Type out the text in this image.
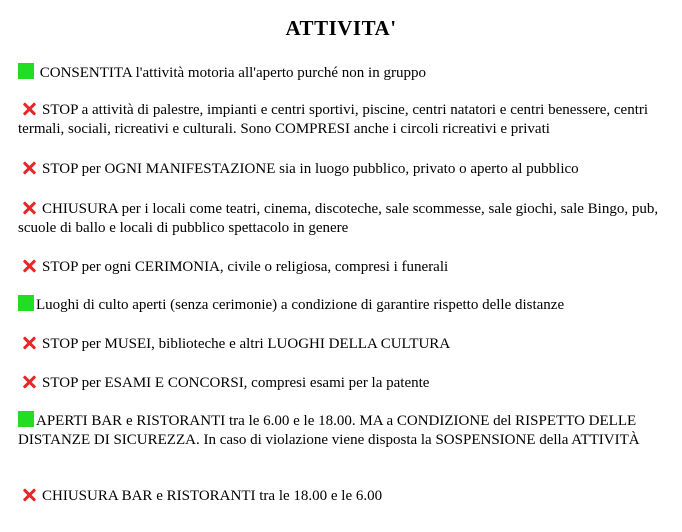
ATTIVITA'
CONSENTITA l'attività motoria all'aperto purché non in gruppo
STOP a attività di palestre, impianti e centri sportivi, piscine, centri natatori e centri benessere, centri termali, sociali, ricreativi e culturali. Sono COMPRESI anche i circoli ricreativi e privati
STOP per OGNI MANIFESTAZIONE sia in luogo pubblico, privato o aperto al pubblico
CHIUSURA per i locali come teatri, cinema, discoteche, sale scommesse, sale giochi, sale Bingo, pub, scuole di ballo e locali di pubblico spettacolo in genere
STOP per ogni CERIMONIA, civile o religiosa, compresi i funerali
Luoghi di culto aperti (senza cerimonie) a condizione di garantire rispetto delle distanze
STOP per MUSEI, biblioteche e altri LUOGHI DELLA CULTURA
STOP per ESAMI E CONCORSI, compresi esami per la patente
APERTI BAR e RISTORANTI tra le 6.00 e le 18.00. MA a CONDIZIONE del RISPETTO DELLE DISTANZE DI SICUREZZA. In caso di violazione viene disposta la SOSPENSIONE della ATTIVITÀ
CHIUSURA BAR e RISTORANTI tra le 18.00 e le 6.00
